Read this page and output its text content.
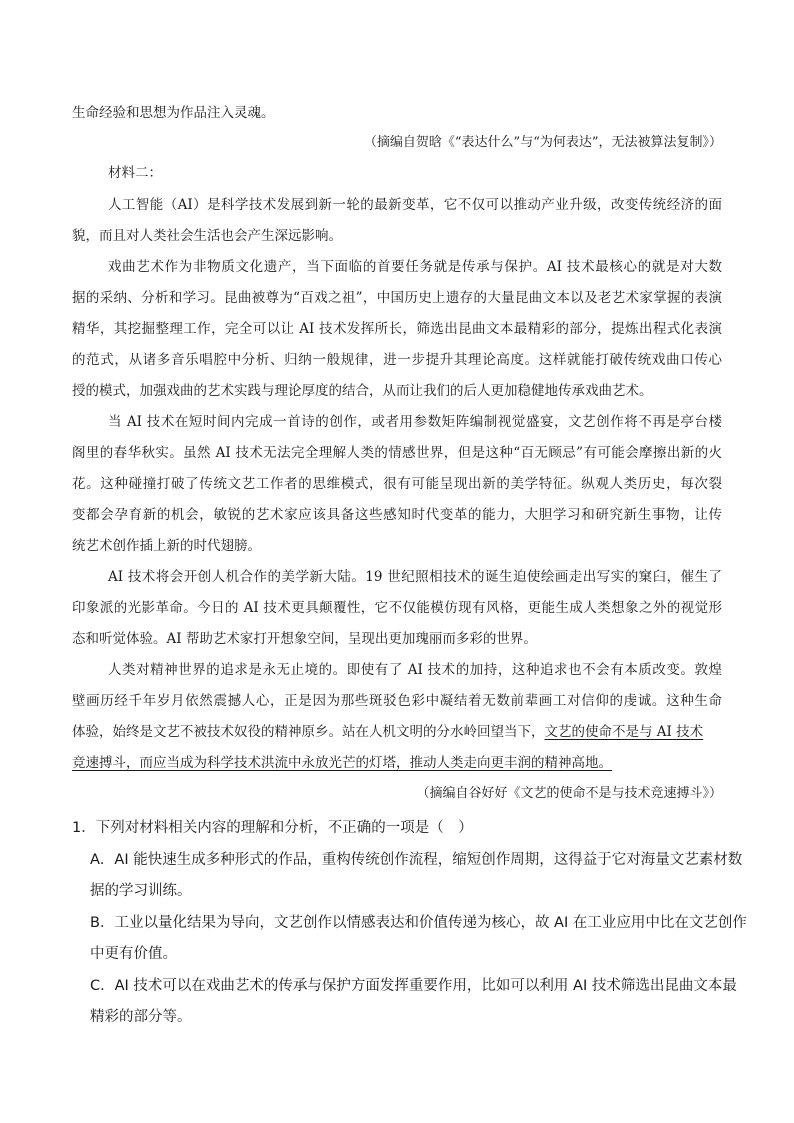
生命经验和思想为作品注入灵魂。
（摘编自贺晗《“表达什么”与“为何表达”，无法被算法复制》）
材料二：
人工智能（AI）是科学技术发展到新一轮的最新变革，它不仅可以推动产业升级，改变传统经济的面
貌，而且对人类社会生活也会产生深远影响。
戏曲艺术作为非物质文化遗产，当下面临的首要任务就是传承与保护。AI 技术最核心的就是对大数
据的采纳、分析和学习。昆曲被尊为“百戏之祖”，中国历史上遗存的大量昆曲文本以及老艺术家掌握的表演
精华，其挖掘整理工作，完全可以让 AI 技术发挥所长，筛选出昆曲文本最精彩的部分，提炼出程式化表演
的范式，从诸多音乐唱腔中分析、归纳一般规律，进一步提升其理论高度。这样就能打破传统戏曲口传心
授的模式，加强戏曲的艺术实践与理论厚度的结合，从而让我们的后人更加稳健地传承戏曲艺术。
当 AI 技术在短时间内完成一首诗的创作，或者用参数矩阵编制视觉盛宴，文艺创作将不再是亭台楼
阁里的春华秋实。虽然 AI 技术无法完全理解人类的情感世界，但是这种“百无顾忌”有可能会摩擦出新的火
花。这种碰撞打破了传统文艺工作者的思维模式，很有可能呈现出新的美学特征。纵观人类历史，每次裂
变都会孕育新的机会，敏锐的艺术家应该具备这些感知时代变革的能力，大胆学习和研究新生事物，让传
统艺术创作插上新的时代翅膀。
AI 技术将会开创人机合作的美学新大陆。19 世纪照相技术的诞生迫使绘画走出写实的窠臼，催生了
印象派的光影革命。今日的 AI 技术更具颠覆性，它不仅能模仿现有风格，更能生成人类想象之外的视觉形
态和听觉体验。AI 帮助艺术家打开想象空间，呈现出更加瑰丽而多彩的世界。
人类对精神世界的追求是永无止境的。即使有了 AI 技术的加持，这种追求也不会有本质改变。敦煌
壁画历经千年岁月依然震撼人心，正是因为那些斑驳色彩中凝结着无数前辈画工对信仰的虔诚。这种生命
体验，始终是文艺不被技术奴役的精神原乡。站在人机文明的分水岭回望当下，文艺的使命不是与 AI 技术
竞速搏斗，而应当成为科学技术洪流中永放光芒的灯塔，推动人类走向更丰润的精神高地。
（摘编自谷好好《文艺的使命不是与技术竞速搏斗》）
1．下列对材料相关内容的理解和分析，不正确的一项是（　）
A．AI 能快速生成多种形式的作品，重构传统创作流程，缩短创作周期，这得益于它对海量文艺素材数
据的学习训练。
B．工业以量化结果为导向，文艺创作以情感表达和价值传递为核心，故 AI 在工业应用中比在文艺创作
中更有价值。
C．AI 技术可以在戏曲艺术的传承与保护方面发挥重要作用，比如可以利用 AI 技术筛选出昆曲文本最
精彩的部分等。
